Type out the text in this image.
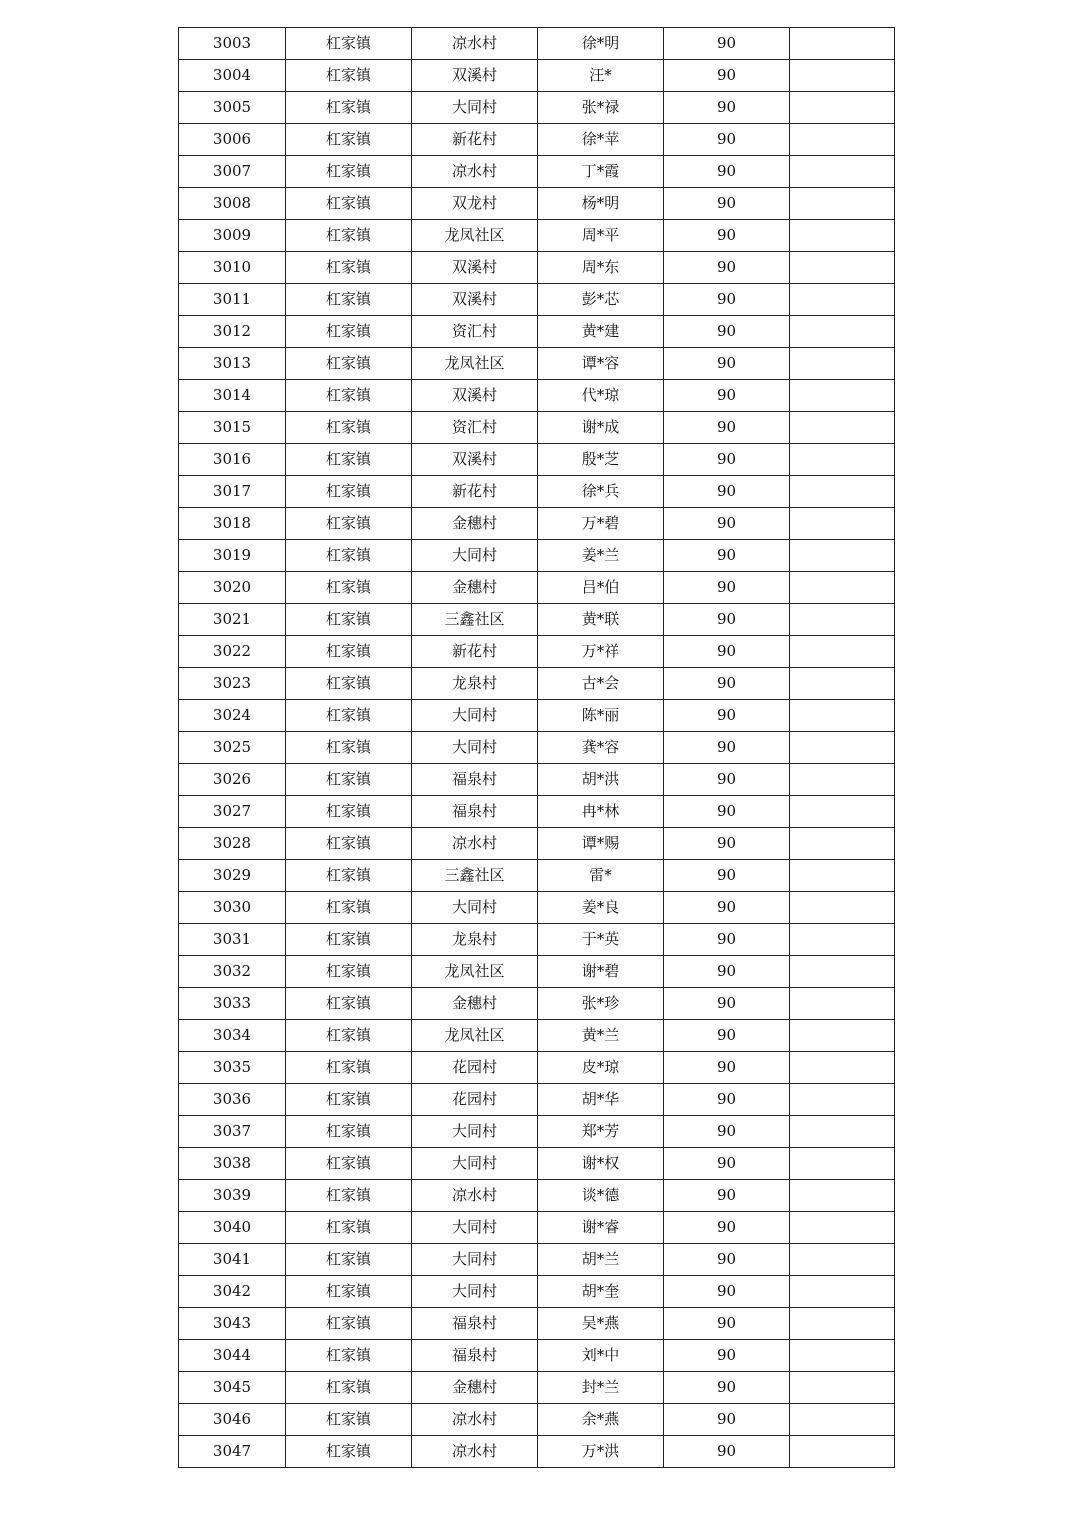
3003	杠家镇	凉水村	徐*明	90	
3004	杠家镇	双溪村	汪*	90	
3005	杠家镇	大同村	张*禄	90	
3006	杠家镇	新花村	徐*苹	90	
3007	杠家镇	凉水村	丁*霞	90	
3008	杠家镇	双龙村	杨*明	90	
3009	杠家镇	龙凤社区	周*平	90	
3010	杠家镇	双溪村	周*东	90	
3011	杠家镇	双溪村	彭*芯	90	
3012	杠家镇	资汇村	黄*建	90	
3013	杠家镇	龙凤社区	谭*容	90	
3014	杠家镇	双溪村	代*琼	90	
3015	杠家镇	资汇村	谢*成	90	
3016	杠家镇	双溪村	殷*芝	90	
3017	杠家镇	新花村	徐*兵	90	
3018	杠家镇	金穗村	万*碧	90	
3019	杠家镇	大同村	姜*兰	90	
3020	杠家镇	金穗村	吕*伯	90	
3021	杠家镇	三鑫社区	黄*联	90	
3022	杠家镇	新花村	万*祥	90	
3023	杠家镇	龙泉村	古*会	90	
3024	杠家镇	大同村	陈*丽	90	
3025	杠家镇	大同村	龚*容	90	
3026	杠家镇	福泉村	胡*洪	90	
3027	杠家镇	福泉村	冉*林	90	
3028	杠家镇	凉水村	谭*赐	90	
3029	杠家镇	三鑫社区	雷*	90	
3030	杠家镇	大同村	姜*良	90	
3031	杠家镇	龙泉村	于*英	90	
3032	杠家镇	龙凤社区	谢*碧	90	
3033	杠家镇	金穗村	张*珍	90	
3034	杠家镇	龙凤社区	黄*兰	90	
3035	杠家镇	花园村	皮*琼	90	
3036	杠家镇	花园村	胡*华	90	
3037	杠家镇	大同村	郑*芳	90	
3038	杠家镇	大同村	谢*权	90	
3039	杠家镇	凉水村	谈*德	90	
3040	杠家镇	大同村	谢*睿	90	
3041	杠家镇	大同村	胡*兰	90	
3042	杠家镇	大同村	胡*奎	90	
3043	杠家镇	福泉村	吴*燕	90	
3044	杠家镇	福泉村	刘*中	90	
3045	杠家镇	金穗村	封*兰	90	
3046	杠家镇	凉水村	余*燕	90	
3047	杠家镇	凉水村	万*洪	90	
